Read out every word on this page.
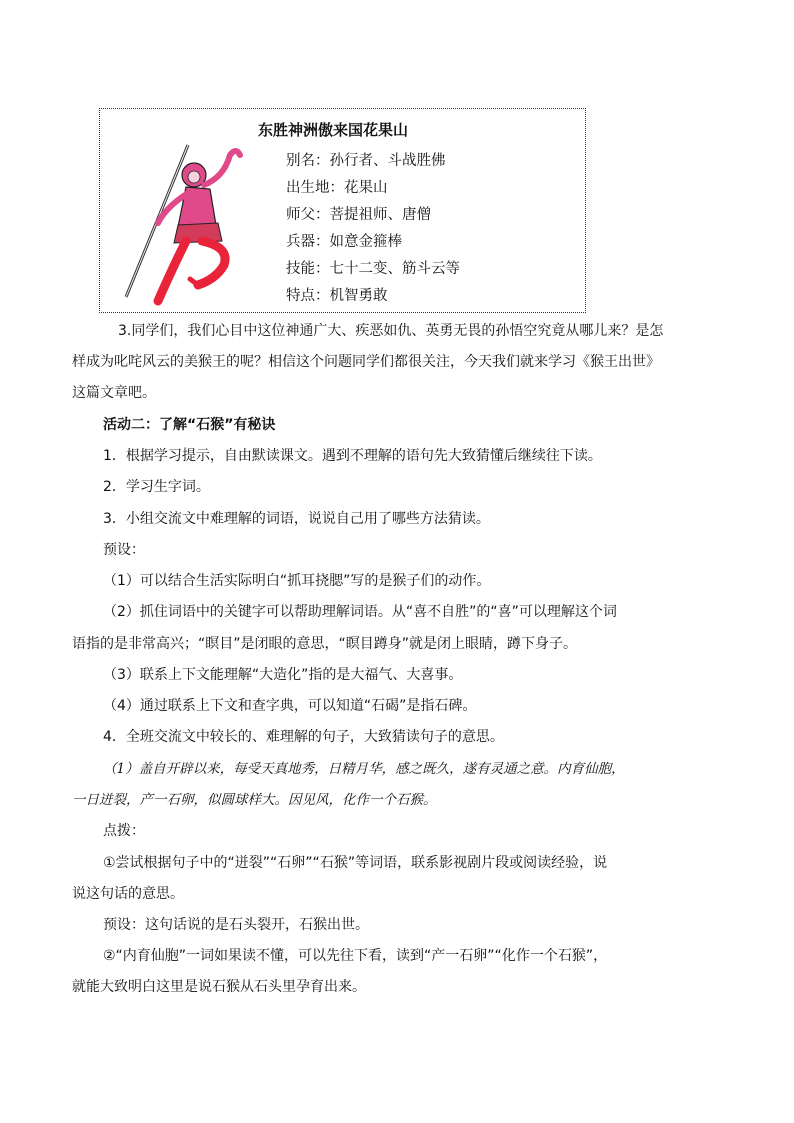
东胜神洲傲来国花果山
别名：孙行者、斗战胜佛
出生地：花果山
师父：菩提祖师、唐僧
兵器：如意金箍棒
技能：七十二变、筋斗云等
特点：机智勇敢
3.同学们，我们心目中这位神通广大、疾恶如仇、英勇无畏的孙悟空究竟从哪儿来？是怎
样成为叱咤风云的美猴王的呢？相信这个问题同学们都很关注，今天我们就来学习《猴王出世》
这篇文章吧。
活动二：了解“石猴”有秘诀
1．根据学习提示，自由默读课文。遇到不理解的语句先大致猜懂后继续往下读。
2．学习生字词。
3．小组交流文中难理解的词语，说说自己用了哪些方法猜读。
预设：
（1）可以结合生活实际明白“抓耳挠腮”写的是猴子们的动作。
（2）抓住词语中的关键字可以帮助理解词语。从“喜不自胜”的“喜”可以理解这个词
语指的是非常高兴；“瞑目”是闭眼的意思，“瞑目蹲身”就是闭上眼睛，蹲下身子。
（3）联系上下文能理解“大造化”指的是大福气、大喜事。
（4）通过联系上下文和查字典，可以知道“石碣”是指石碑。
4．全班交流文中较长的、难理解的句子，大致猜读句子的意思。
（1）盖自开辟以来，每受天真地秀，日精月华，感之既久，遂有灵通之意。内育仙胞，
一日迸裂，产一石卵，似圆球样大。因见风，化作一个石猴。
点拨：
①尝试根据句子中的“迸裂”“石卵”“石猴”等词语，联系影视剧片段或阅读经验，说
说这句话的意思。
预设：这句话说的是石头裂开，石猴出世。
②“内育仙胞”一词如果读不懂，可以先往下看，读到“产一石卵”“化作一个石猴”，
就能大致明白这里是说石猴从石头里孕育出来。
